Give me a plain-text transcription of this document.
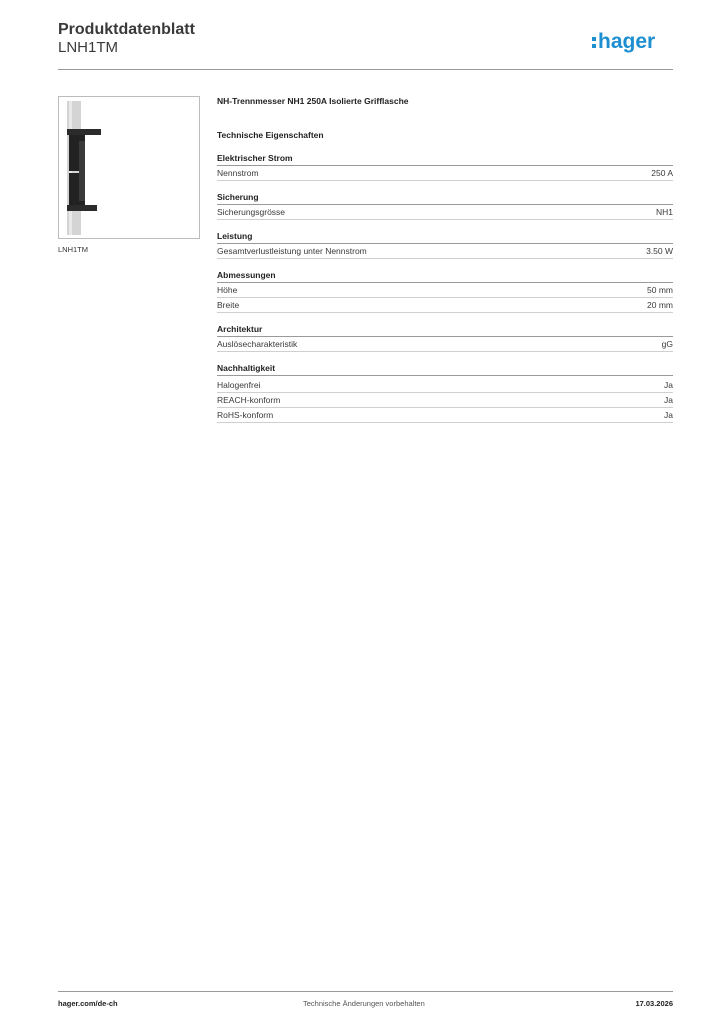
Produktdatenblatt
LNH1TM	hager
LNH1TM
NH-Trennmesser NH1 250A Isolierte Grifflasche
Technische Eigenschaften
Elektrischer Strom
Nennstrom	250 A
Sicherung
Sicherungsgrösse	NH1
Leistung
Gesamtverlustleistung unter Nennstrom	3.50 W
Abmessungen
Höhe	50 mm
Breite	20 mm
Architektur
Auslösecharakteristik	gG
Nachhaltigkeit
Halogenfrei	Ja
REACH-konform	Ja
RoHS-konform	Ja
hager.com/de-ch	Technische Änderungen vorbehalten	17.03.2026
